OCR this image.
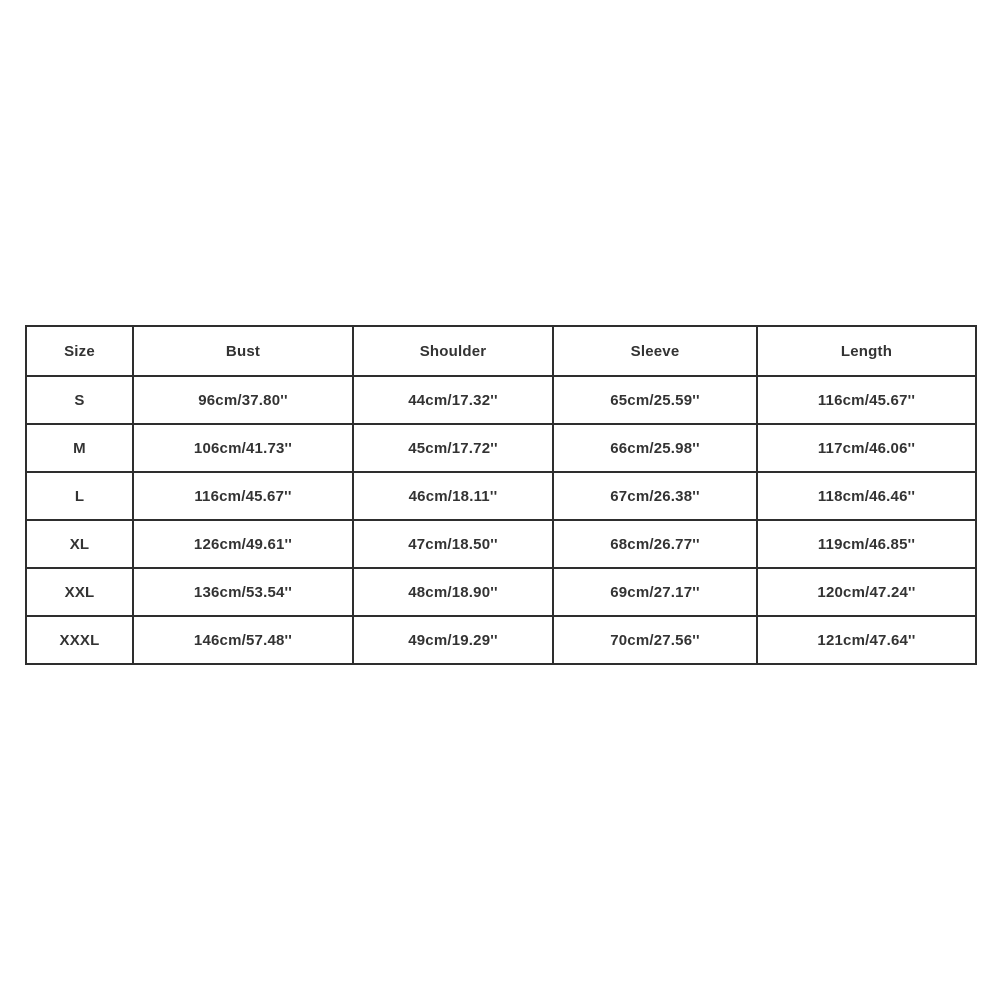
Size	Bust	Shoulder	Sleeve	Length
S	96cm/37.80''	44cm/17.32''	65cm/25.59''	116cm/45.67''
M	106cm/41.73''	45cm/17.72''	66cm/25.98''	117cm/46.06''
L	116cm/45.67''	46cm/18.11''	67cm/26.38''	118cm/46.46''
XL	126cm/49.61''	47cm/18.50''	68cm/26.77''	119cm/46.85''
XXL	136cm/53.54''	48cm/18.90''	69cm/27.17''	120cm/47.24''
XXXL	146cm/57.48''	49cm/19.29''	70cm/27.56''	121cm/47.64''
